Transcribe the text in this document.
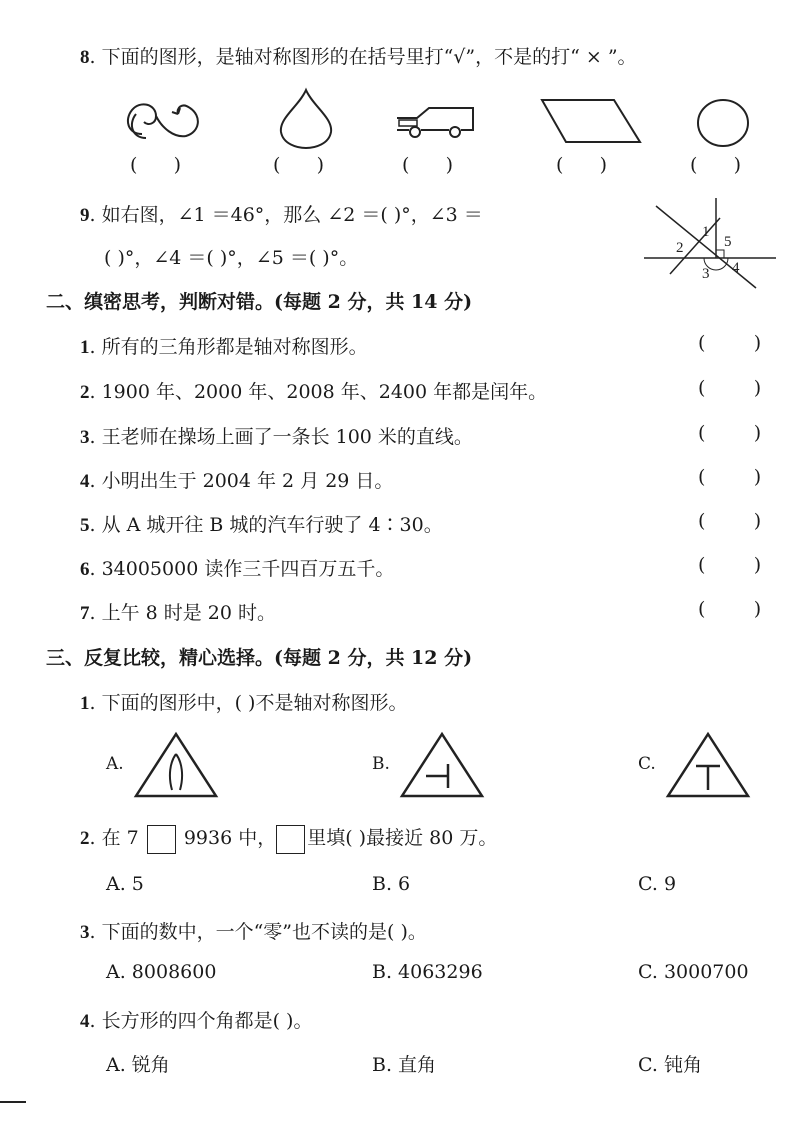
8. 下面的图形，是轴对称图形的在括号里打“√”，不是的打“ × ”。
(      )	(      )	(      )	(      )	(      )
9. 如右图，∠1 ＝46°，那么 ∠2 ＝( )°，∠3 ＝
( )°，∠4 ＝( )°，∠5 ＝( )°。
1
2
3 4
5
二、缜密思考，判断对错。(每题 2 分，共 14 分)
1. 所有的三角形都是轴对称图形。	(        )
2. 1900 年、2000 年、2008 年、2400 年都是闰年。	(        )
3. 王老师在操场上画了一条长 100 米的直线。	(        )
4. 小明出生于 2004 年 2 月 29 日。	(        )
5. 从 A 城开往 B 城的汽车行驶了 4∶30。	(        )
6. 34005000 读作三千四百万五千。	(        )
7. 上午 8 时是 20 时。	(        )
三、反复比较，精心选择。(每题 2 分，共 12 分)
1. 下面的图形中，( )不是轴对称图形。
A.	B.	C.
2. 在 7 9936 中， 里填( )最接近 80 万。
A. 5	B. 6	C. 9
3. 下面的数中，一个“零”也不读的是( )。
A. 8008600	B. 4063296	C. 3000700
4. 长方形的四个角都是( )。
A. 锐角	B. 直角	C. 钝角
